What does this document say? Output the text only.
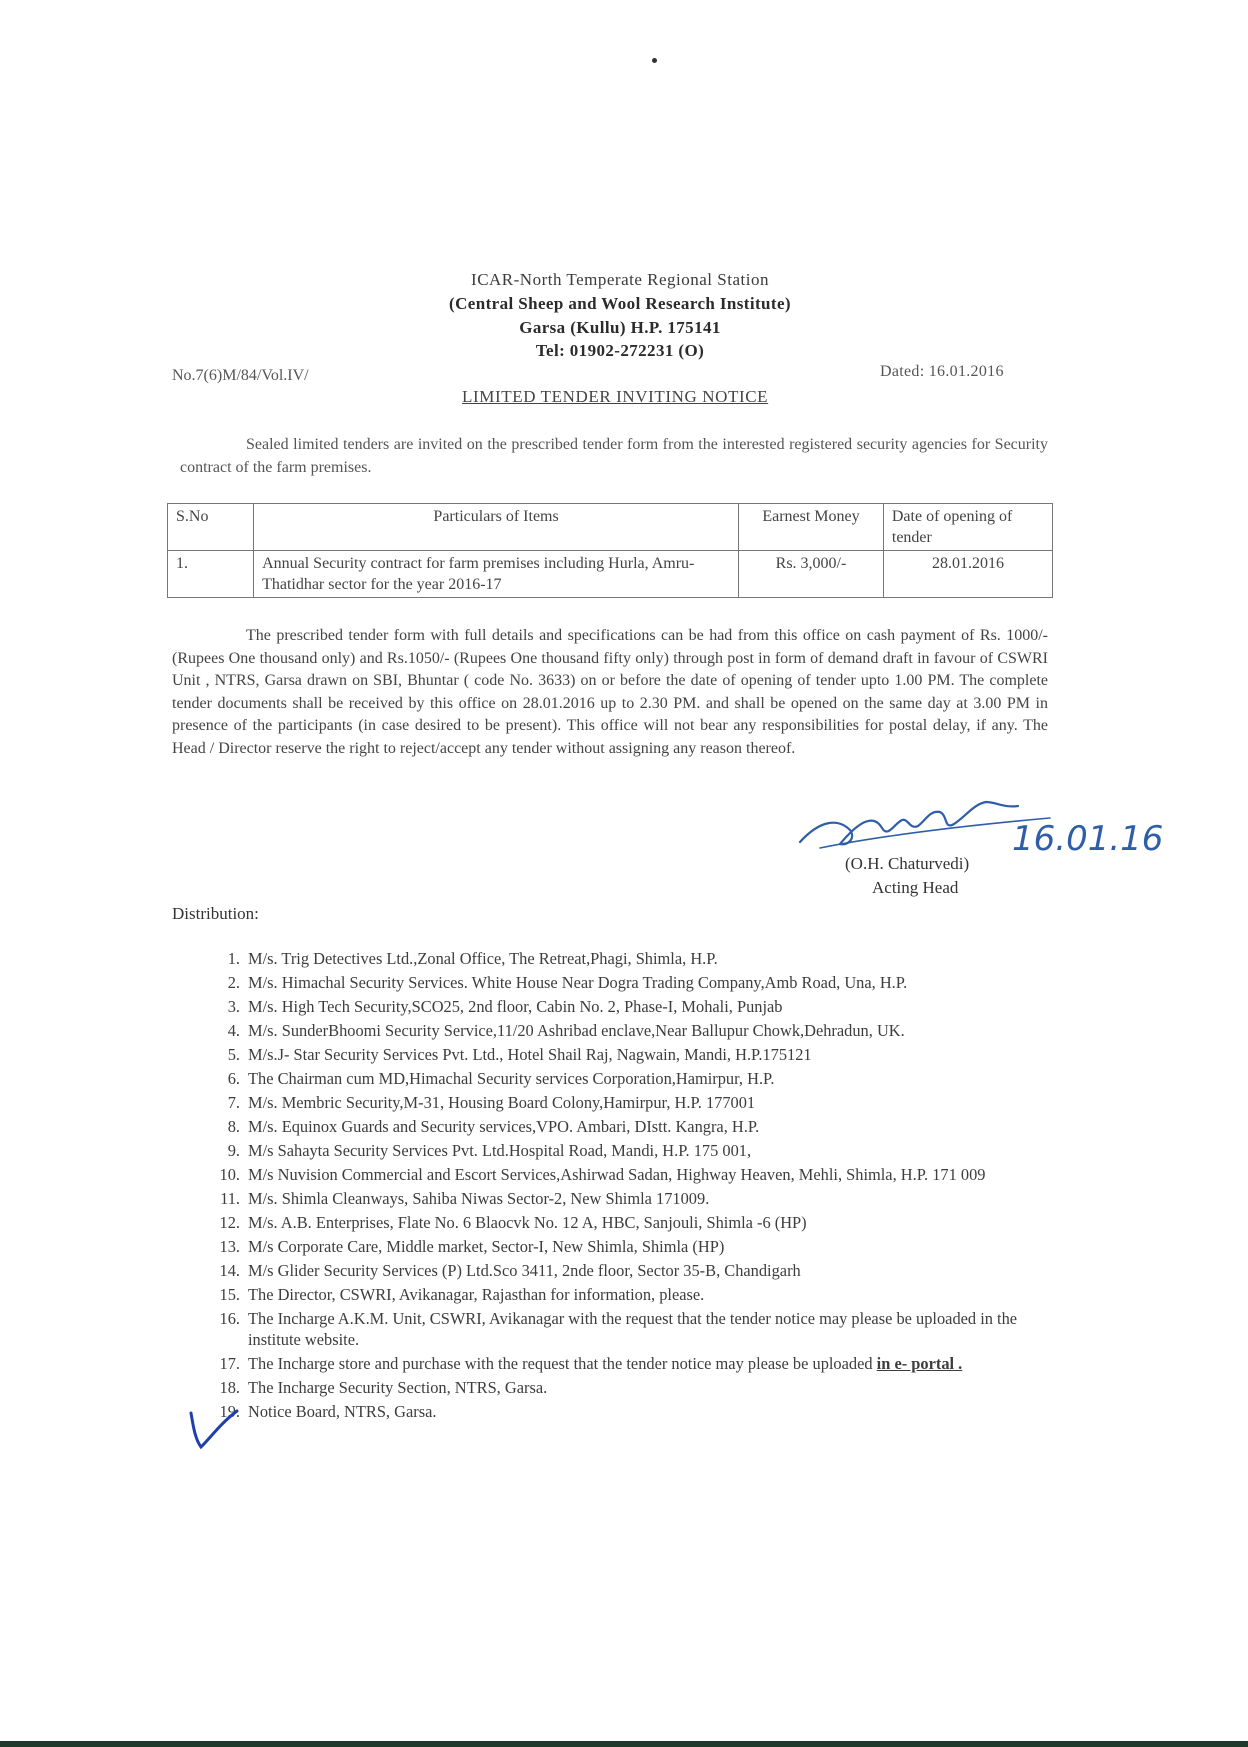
ICAR-North Temperate Regional Station
(Central Sheep and Wool Research Institute)
Garsa (Kullu) H.P. 175141
Tel: 01902-272231 (O)
No.7(6)M/84/Vol.IV/	Dated: 16.01.2016
LIMITED TENDER INVITING NOTICE
Sealed limited tenders are invited on the prescribed tender form from the interested registered security agencies for Security contract of the farm premises.
S.No	Particulars of Items	Earnest Money	Date of opening of tender
1.	Annual Security contract for farm premises including Hurla, Amru-Thatidhar sector for the year 2016-17	Rs. 3,000/-	28.01.2016
The prescribed tender form with full details and specifications can be had from this office on cash payment of Rs. 1000/- (Rupees One thousand only) and Rs.1050/- (Rupees One thousand fifty only) through post in form of demand draft in favour of CSWRI Unit , NTRS, Garsa drawn on SBI, Bhuntar ( code No. 3633) on or before the date of opening of tender upto 1.00 PM. The complete tender documents shall be received by this office on 28.01.2016 up to 2.30 PM. and shall be opened on the same day at 3.00 PM in presence of the participants (in case desired to be present). This office will not bear any responsibilities for postal delay, if any. The Head / Director reserve the right to reject/accept any tender without assigning any reason thereof.
16.01.16
(O.H. Chaturvedi)
Acting Head
Distribution:
1. M/s. Trig Detectives Ltd.,Zonal Office, The Retreat,Phagi, Shimla, H.P.
2. M/s. Himachal Security Services. White House Near Dogra Trading Company,Amb Road, Una, H.P.
3. M/s. High Tech Security,SCO25, 2nd floor, Cabin No. 2, Phase-I, Mohali, Punjab
4. M/s. SunderBhoomi Security Service,11/20 Ashribad enclave,Near Ballupur Chowk,Dehradun, UK.
5. M/s.J- Star Security Services Pvt. Ltd., Hotel Shail Raj, Nagwain, Mandi, H.P.175121
6. The Chairman cum MD,Himachal Security services Corporation,Hamirpur, H.P.
7. M/s. Membric Security,M-31, Housing Board Colony,Hamirpur, H.P. 177001
8. M/s. Equinox Guards and Security services,VPO. Ambari, DIstt. Kangra, H.P.
9. M/s Sahayta Security Services Pvt. Ltd.Hospital Road, Mandi, H.P. 175 001,
10. M/s Nuvision Commercial and Escort Services,Ashirwad Sadan, Highway Heaven, Mehli, Shimla, H.P. 171 009
11. M/s. Shimla Cleanways, Sahiba Niwas Sector-2, New Shimla 171009.
12. M/s. A.B. Enterprises, Flate No. 6 Blaocvk No. 12 A, HBC, Sanjouli, Shimla -6 (HP)
13. M/s Corporate Care, Middle market, Sector-I, New Shimla, Shimla (HP)
14. M/s Glider Security Services (P) Ltd.Sco 3411, 2nde floor, Sector 35-B, Chandigarh
15. The Director, CSWRI, Avikanagar, Rajasthan for information, please.
16. The Incharge A.K.M. Unit, CSWRI, Avikanagar with the request that the tender notice may please be uploaded in the institute website.
17. The Incharge store and purchase with the request that the tender notice may please be uploaded in e- portal .
18. The Incharge Security Section, NTRS, Garsa.
19. Notice Board, NTRS, Garsa.
